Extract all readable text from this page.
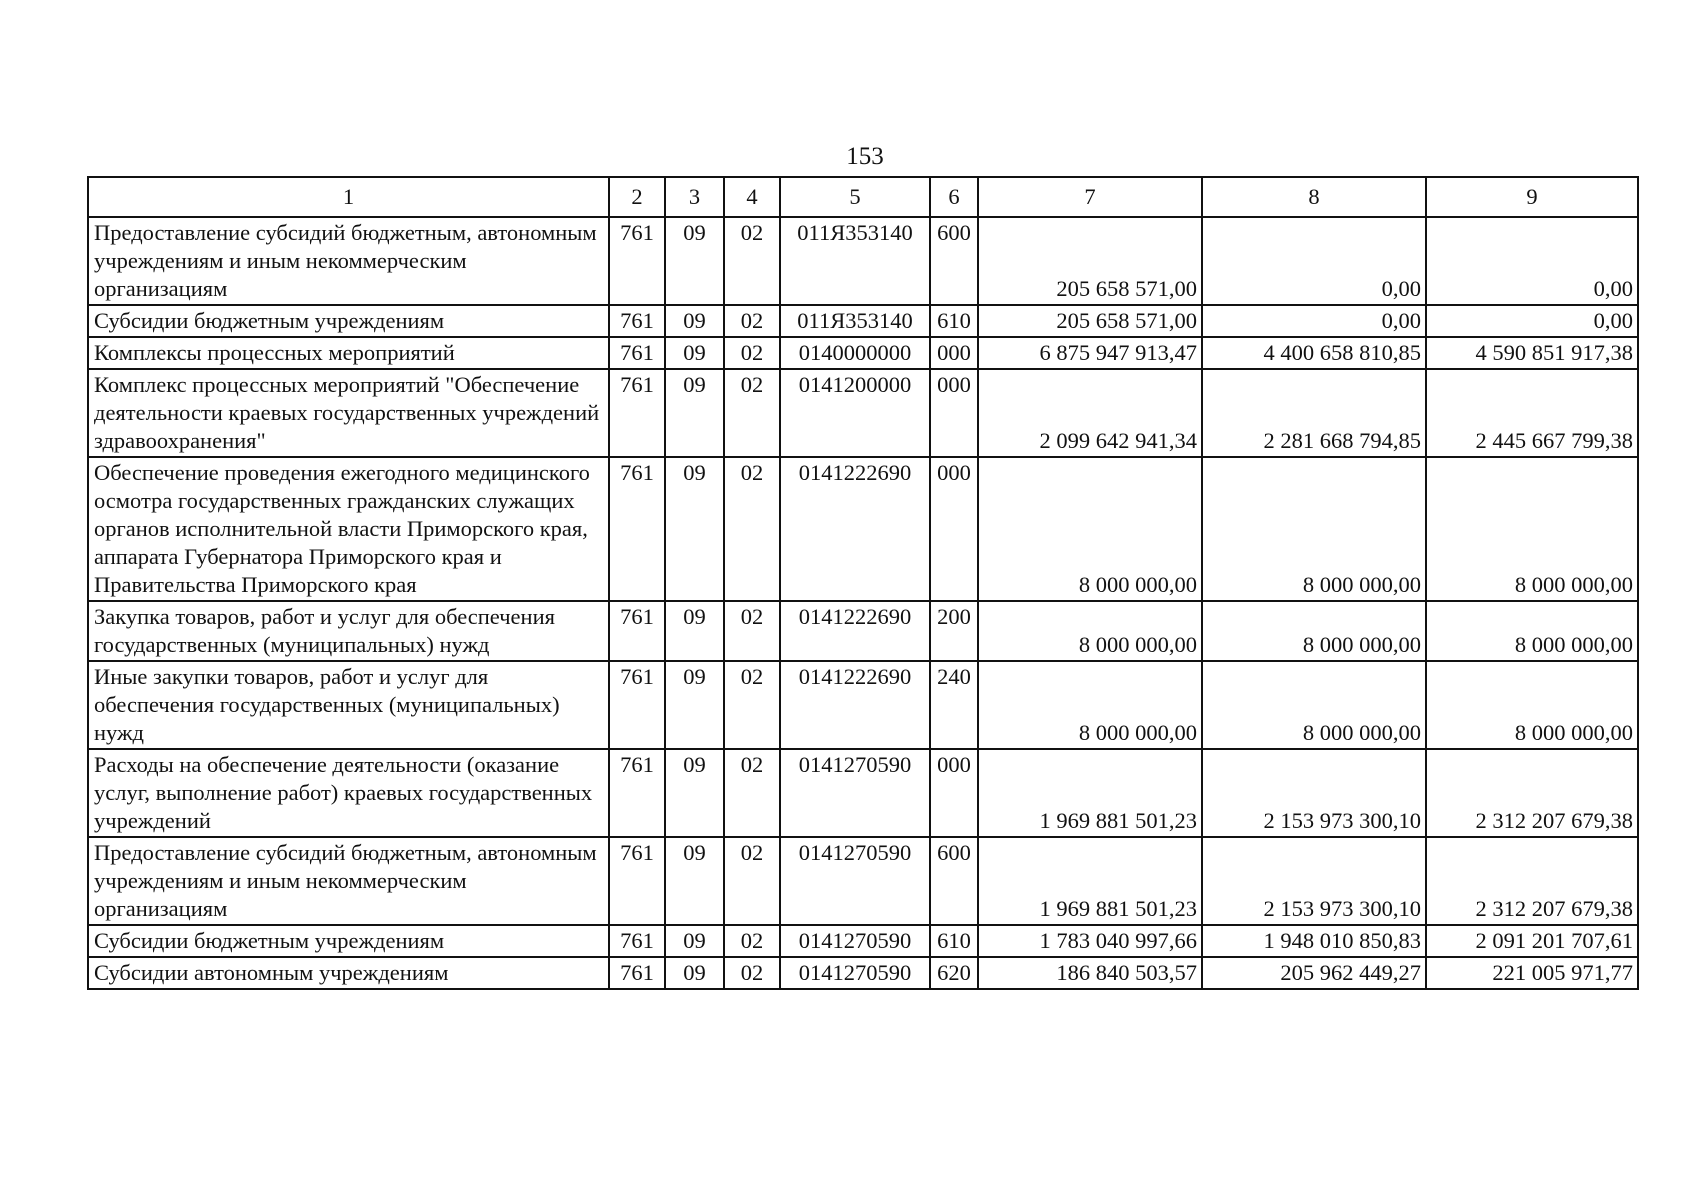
153
1	2	3	4	5	6	7	8	9
Предоставление субсидий бюджетным, автономным учреждениям и иным некоммерческим организациям	761	09	02	011Я353140	600	205 658 571,00	0,00	0,00
Субсидии бюджетным учреждениям	761	09	02	011Я353140	610	205 658 571,00	0,00	0,00
Комплексы процессных мероприятий	761	09	02	0140000000	000	6 875 947 913,47	4 400 658 810,85	4 590 851 917,38
Комплекс процессных мероприятий "Обеспечение деятельности краевых государственных учреждений здравоохранения"	761	09	02	0141200000	000	2 099 642 941,34	2 281 668 794,85	2 445 667 799,38
Обеспечение проведения ежегодного медицинского осмотра государственных гражданских служащих органов исполнительной власти Приморского края, аппарата Губернатора Приморского края и Правительства Приморского края	761	09	02	0141222690	000	8 000 000,00	8 000 000,00	8 000 000,00
Закупка товаров, работ и услуг для обеспечения государственных (муниципальных) нужд	761	09	02	0141222690	200	8 000 000,00	8 000 000,00	8 000 000,00
Иные закупки товаров, работ и услуг для обеспечения государственных (муниципальных) нужд	761	09	02	0141222690	240	8 000 000,00	8 000 000,00	8 000 000,00
Расходы на обеспечение деятельности (оказание услуг, выполнение работ) краевых государственных учреждений	761	09	02	0141270590	000	1 969 881 501,23	2 153 973 300,10	2 312 207 679,38
Предоставление субсидий бюджетным, автономным учреждениям и иным некоммерческим организациям	761	09	02	0141270590	600	1 969 881 501,23	2 153 973 300,10	2 312 207 679,38
Субсидии бюджетным учреждениям	761	09	02	0141270590	610	1 783 040 997,66	1 948 010 850,83	2 091 201 707,61
Субсидии автономным учреждениям	761	09	02	0141270590	620	186 840 503,57	205 962 449,27	221 005 971,77
